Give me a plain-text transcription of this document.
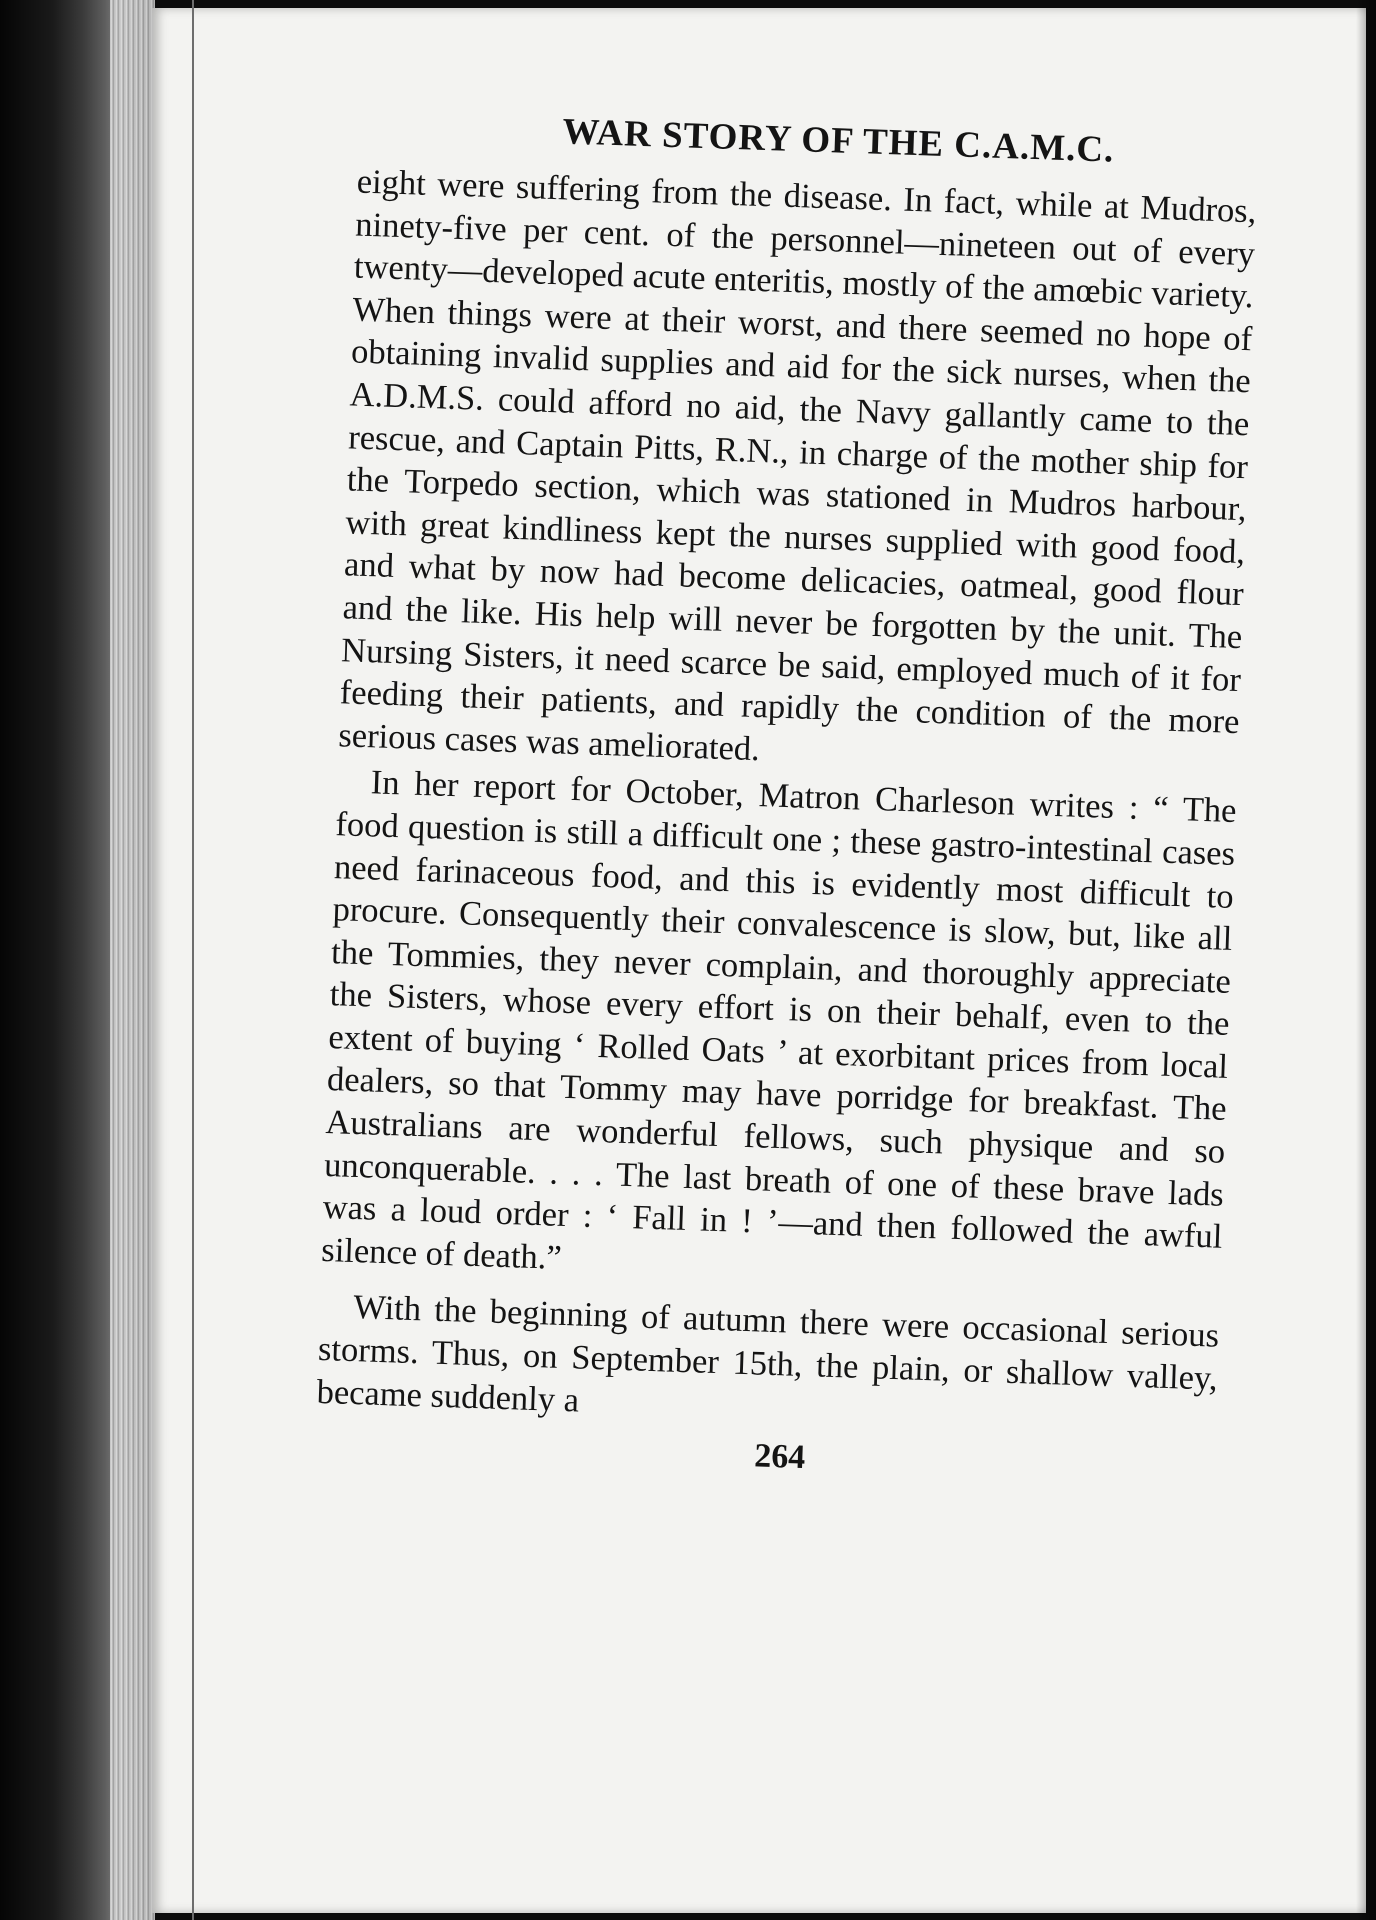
WAR STORY OF THE C.A.M.C.

eight were suffering from the disease. In fact, while at Mudros, ninety-five per cent. of the personnel—nineteen out of every twenty—developed acute enteritis, mostly of the amœbic variety. When things were at their worst, and there seemed no hope of obtaining invalid supplies and aid for the sick nurses, when the A.D.M.S. could afford no aid, the Navy gallantly came to the rescue, and Captain Pitts, R.N., in charge of the mother ship for the Torpedo section, which was stationed in Mudros harbour, with great kindliness kept the nurses supplied with good food, and what by now had become delicacies, oatmeal, good flour and the like. His help will never be forgotten by the unit. The Nursing Sisters, it need scarce be said, employed much of it for feeding their patients, and rapidly the condition of the more serious cases was ameliorated.

In her report for October, Matron Charleson writes : “ The food question is still a difficult one ; these gastro-intestinal cases need farinaceous food, and this is evidently most difficult to procure. Consequently their convalescence is slow, but, like all the Tommies, they never complain, and thoroughly appreciate the Sisters, whose every effort is on their behalf, even to the extent of buying ‘ Rolled Oats ’ at exorbitant prices from local dealers, so that Tommy may have porridge for breakfast. The Australians are wonderful fellows, such physique and so unconquerable. . . . The last breath of one of these brave lads was a loud order : ‘ Fall in ! ’—and then followed the awful silence of death.”

With the beginning of autumn there were occasional serious storms. Thus, on September 15th, the plain, or shallow valley, became suddenly a

264
